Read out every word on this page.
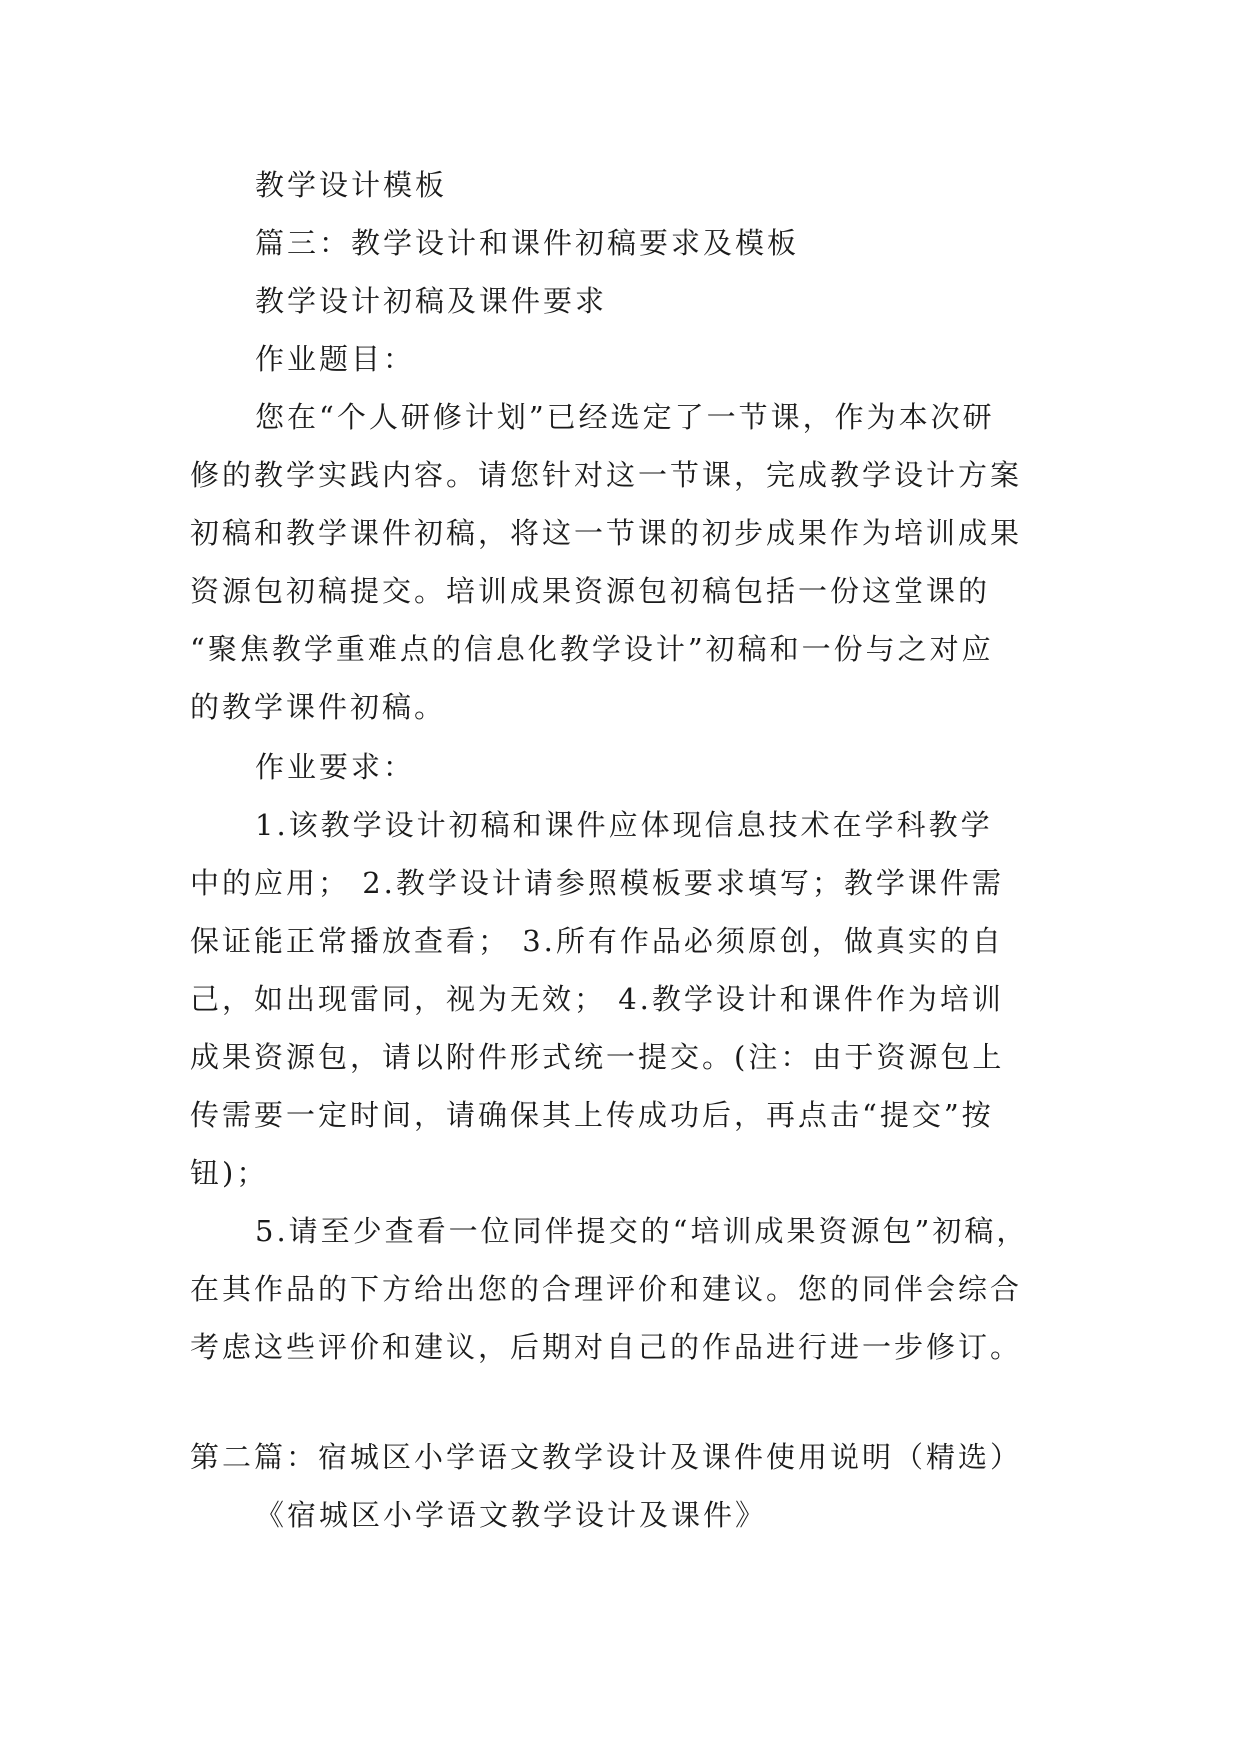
教学设计模板
篇三：教学设计和课件初稿要求及模板
教学设计初稿及课件要求
作业题目：
您在“个人研修计划”已经选定了一节课，作为本次研
修的教学实践内容。请您针对这一节课，完成教学设计方案
初稿和教学课件初稿，将这一节课的初步成果作为培训成果
资源包初稿提交。培训成果资源包初稿包括一份这堂课的
“聚焦教学重难点的信息化教学设计”初稿和一份与之对应
的教学课件初稿。
作业要求：
1.该教学设计初稿和课件应体现信息技术在学科教学
中的应用； 2.教学设计请参照模板要求填写；教学课件需
保证能正常播放查看； 3.所有作品必须原创，做真实的自
己，如出现雷同，视为无效； 4.教学设计和课件作为培训
成果资源包，请以附件形式统一提交。(注：由于资源包上
传需要一定时间，请确保其上传成功后，再点击“提交”按
钮)；
5.请至少查看一位同伴提交的“培训成果资源包”初稿，
在其作品的下方给出您的合理评价和建议。您的同伴会综合
考虑这些评价和建议，后期对自己的作品进行进一步修订。
第二篇：宿城区小学语文教学设计及课件使用说明（精选）
《宿城区小学语文教学设计及课件》
